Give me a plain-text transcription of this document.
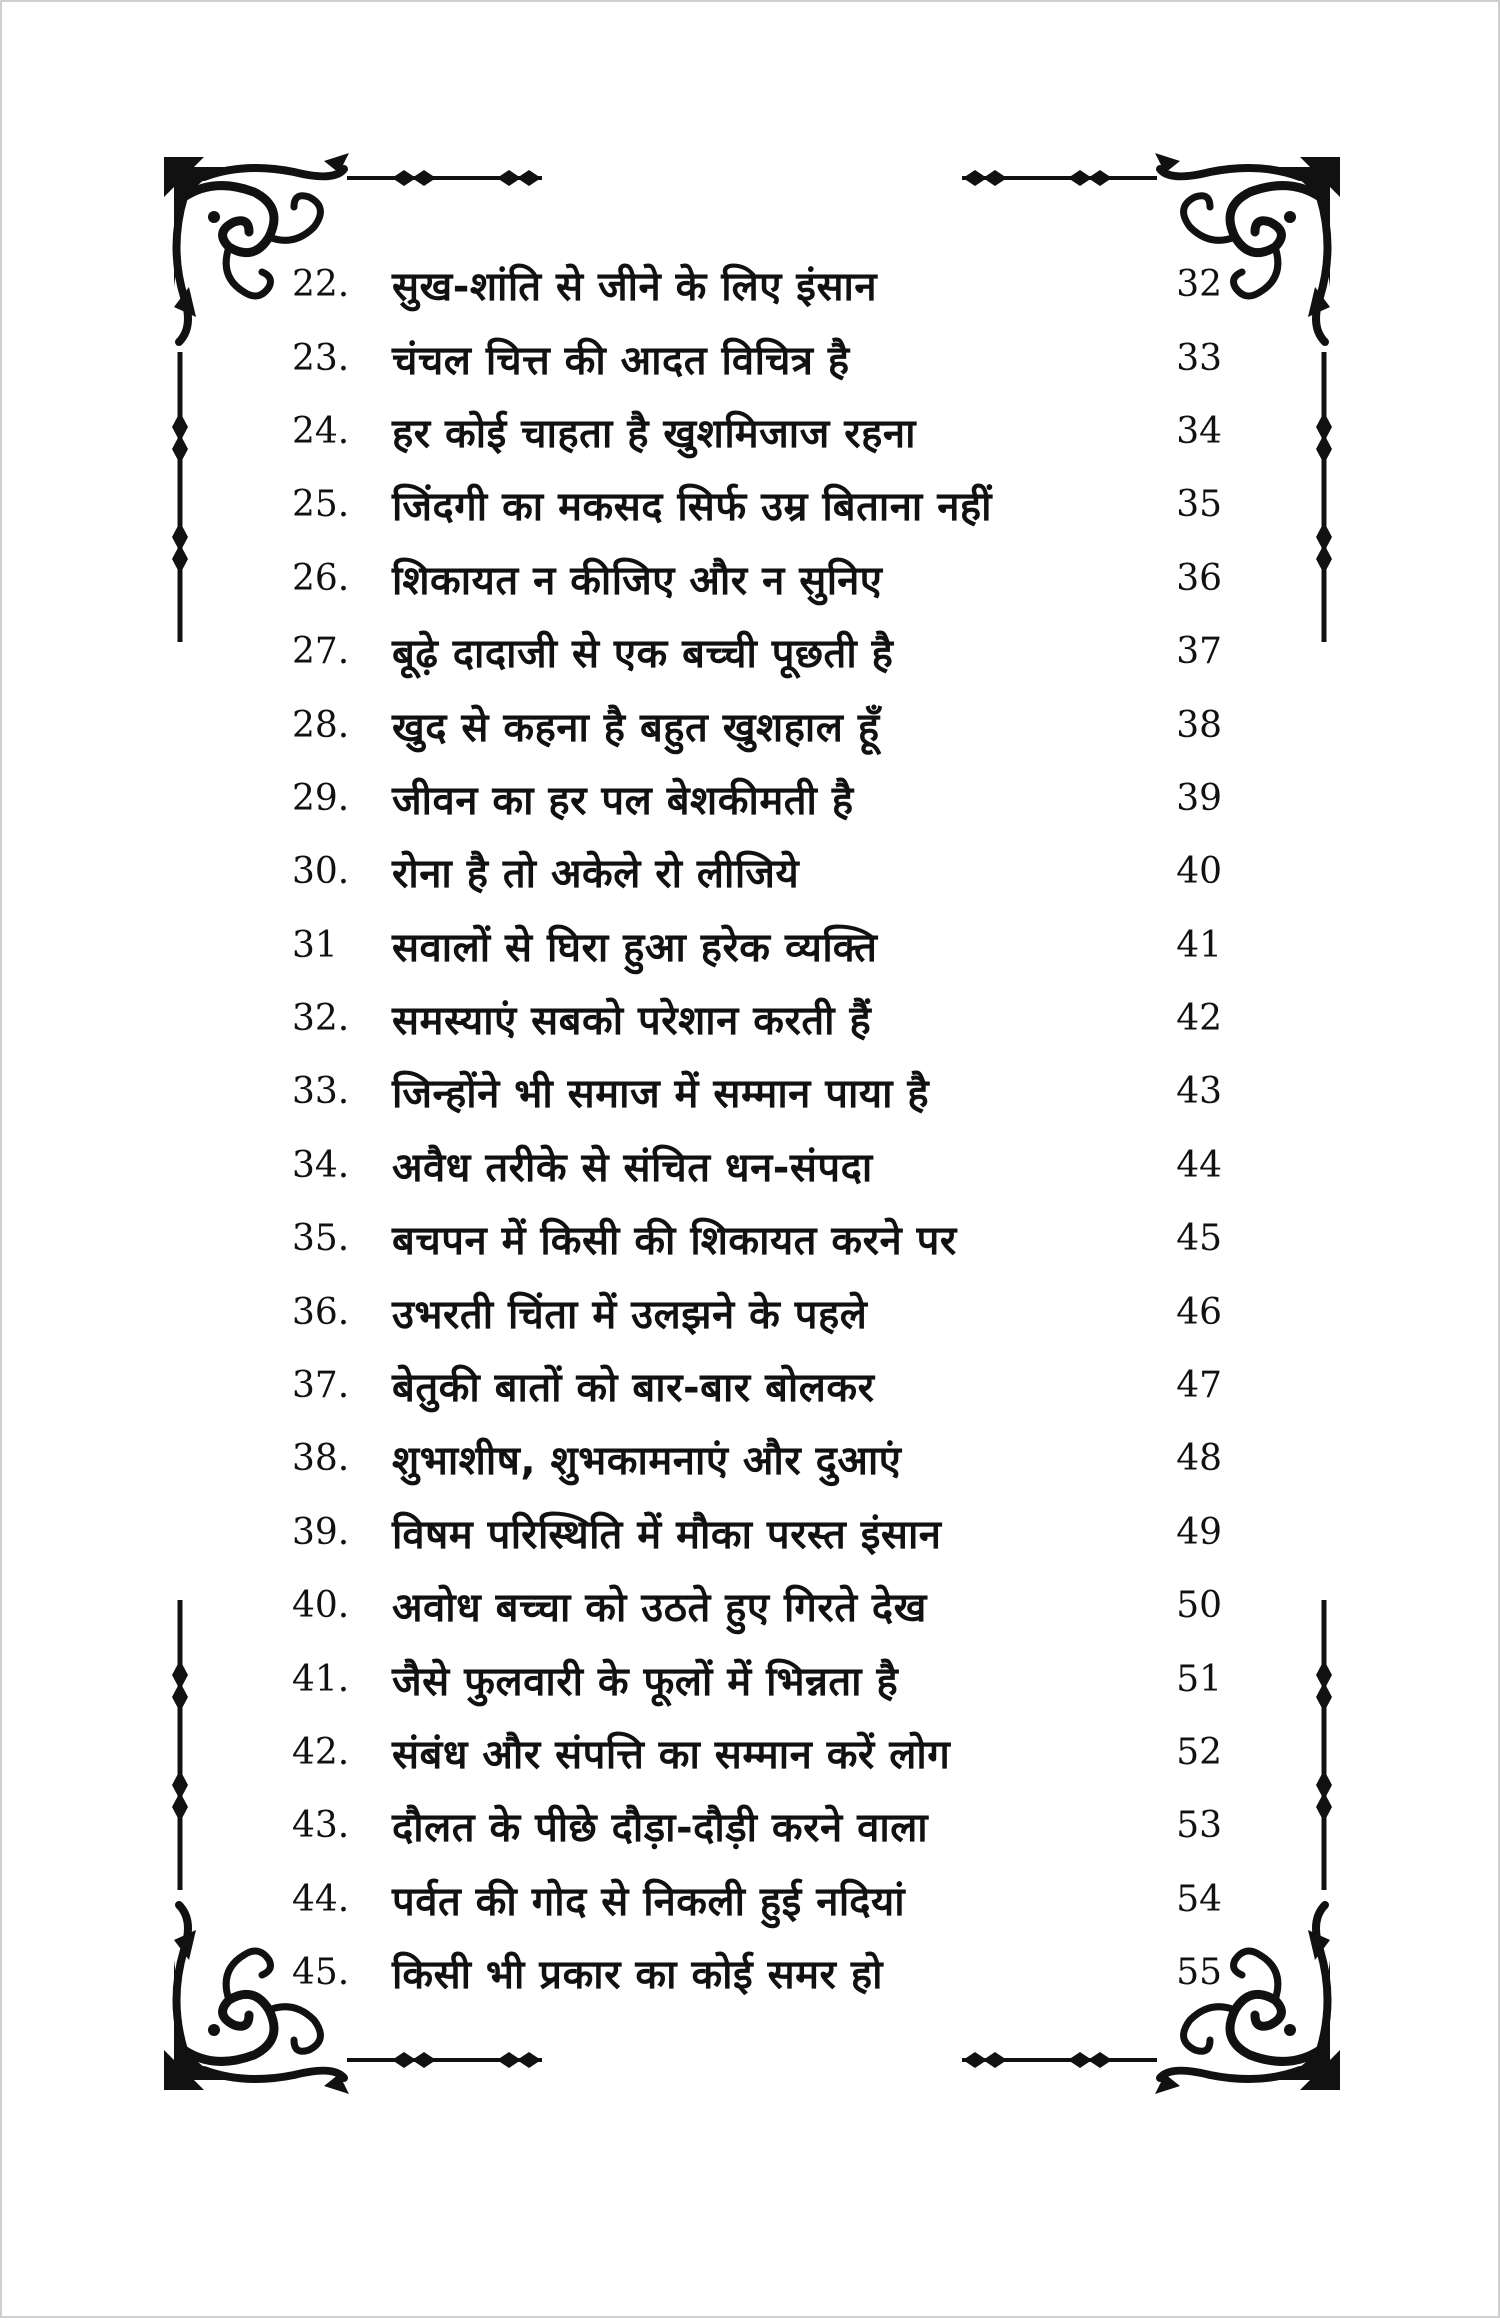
22.	सुख-शांति से जीने के लिए इंसान	32
23.	चंचल चित्त की आदत विचित्र है	33
24.	हर कोई चाहता है खुशमिजाज रहना	34
25.	जिंदगी का मकसद सिर्फ उम्र बिताना नहीं	35
26.	शिकायत न कीजिए और न सुनिए	36
27.	बूढ़े दादाजी से एक बच्ची पूछती है	37
28.	खुद से कहना है बहुत खुशहाल हूँ	38
29.	जीवन का हर पल बेशकीमती है	39
30.	रोना है तो अकेले रो लीजिये	40
31	सवालों से घिरा हुआ हरेक व्यक्ति	41
32.	समस्याएं सबको परेशान करती हैं	42
33.	जिन्होंने भी समाज में सम्मान पाया है	43
34.	अवैध तरीके से संचित धन-संपदा	44
35.	बचपन में किसी की शिकायत करने पर	45
36.	उभरती चिंता में उलझने के पहले	46
37.	बेतुकी बातों को बार-बार बोलकर	47
38.	शुभाशीष, शुभकामनाएं और दुआएं	48
39.	विषम परिस्थिति में मौका परस्त इंसान	49
40.	अवोध बच्चा को उठते हुए गिरते देख	50
41.	जैसे फुलवारी के फूलों में भिन्नता है	51
42.	संबंध और संपत्ति का सम्मान करें लोग	52
43.	दौलत के पीछे दौड़ा-दौड़ी करने वाला	53
44.	पर्वत की गोद से निकली हुई नदियां	54
45.	किसी भी प्रकार का कोई समर हो	55
